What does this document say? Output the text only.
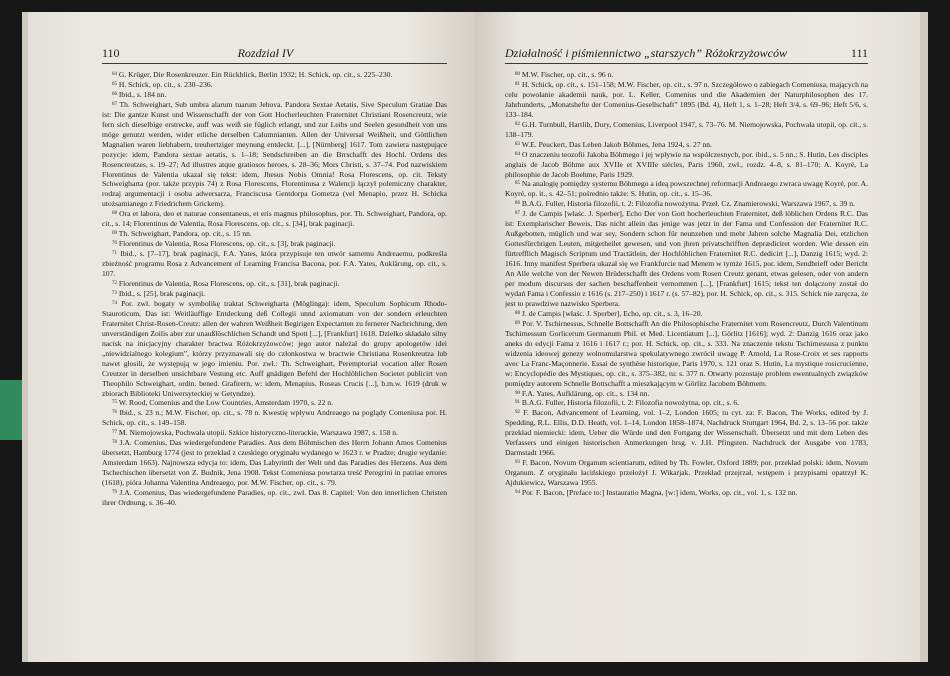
110	Rozdział IV

$^{64}$ G. Krüger, Die Rosenkreuzer. Ein Rückblick, Berlin 1932; H. Schick, op. cit., s. 225–230.

$^{65}$ H. Schick, op. cit., s. 230–236.

$^{66}$ Ibid., s. 184 nn.

$^{67}$ Th. Schweighart, Sub umbra alarum tuarum Jehova. Pandora Sextae Aetatis, Sive Speculum Gratiae Das ist: Die gantze Kunst und Wissenschafft der von Gott Hocherleuchten Fraternitet Christiani Rosencreutz, wie fern sich dieselbige erstrecke, auff was weiß sie füglich erlangt, und zur Leibs und Seelen gesundheit von uns möge genutzt werden, wider etliche derselben Calumnianten. Allen der Universal Weißheit, und Göttlichen Magnalien waren liebhabern, treuhertziger meynung entdeckt. [...], [Nürnberg] 1617. Tom zawiera następujące pozycje: idem, Pandora sextae aetatis, s. 1–18; Sendschreiben an die Brrschafft des Hochl. Ordens des Rosencreutzes, s. 19–27; Ad illustres atque gratiosos heroes, s. 28–36; Mors Christi, s. 37–74. Pod nazwiskiem Florentinus de Valentia ukazał się tekst: idem, Jhesus Nobis Omnia! Rosa Florescens, op. cit. Teksty Schweigharta (por. także przypis 74) z Rosa Florescens, Florentinusa z Walencji łączył polemiczny charakter, rodzaj argumentacji i osoba adwersarza, Franciscusa Gentdorpa Gometza (vel Menapio, przez H. Schicka utożsamianego z Friedrichem Grickem).

$^{68}$ Ora et labora, deo et naturae consentaneus, et eris magnus philosophus, por. Th. Schweighart, Pandora, op. cit., s. 14; Florentinus de Valentia, Rosa Florescens, op. cit., s. [34], brak paginacji.

$^{69}$ Th. Schweighart, Pandora, op. cit., s. 15 nn.

$^{70}$ Florentinus de Valentia, Rosa Florescens, op. cit., s. [3], brak paginacji.

$^{71}$ Ibid., s. [7–17], brak paginacji, F.A. Yates, która przypisuje ten utwór samemu Andreaemu, podkreśla zbieżność programu Rosa z Advancement of Learning Francisa Bacona, por. F.A. Yates, Auklärung, op. cit., s. 107.

$^{72}$ Florentinus de Valentia, Rosa Florescens, op. cit., s. [31], brak paginacji.

$^{73}$ Ibid., s. [25], brak paginacji.

$^{74}$ Por. zwł. bogaty w symbolikę traktat Schweigharta (Möglinga): idem, Speculum Sophicum Rhodo-Stauroticum, Das ist: Weitläuffige Entdeckung deß Collegii unnd axiomatum von der sondern erleuchten Fraternitet Christ-Rosen-Creutz: allen der wahren Weißheit Begirigen Expectanten zu fernerer Nachrichtung, den unverständigen Zoilis aber zur unaußlöschlichen Schandt und Spott [...], [Frankfurt] 1618. Dziełko składało silny nacisk na inicjacyjny charakter bractwa Różokrzyżowców; jego autor należał do grupy apologetów idei „niewidzialnego kolegium”, którzy przyznawali się do członkostwa w bractwie Christiana Rosenkreutza lub nawet głosili, że występują w jego imieniu. Por. zwł.: Th. Schweighart, Peremptorial vocation aller Rosen Creutzer in derselben unsichtbare Vestung etc. Auff gnädigen Befehl der Hochlöblichen Societet publicirt von Theophilo Schweighart, ordin. bened. Grafirern, w: idem, Menapius. Roseas Crucis [...], b.m.w. 1619 (druk w zbiorach Biblioteki Uniwersyteckiej w Getyndze).

$^{75}$ W. Rood, Comenius and the Low Countries, Amsterdam 1970, s. 22 n.

$^{76}$ Ibid., s. 23 n.; M.W. Fischer, op. cit., s. 78 n. Kwestię wpływu Andreaego na poglądy Comeniusa por. H. Schick, op. cit., s. 149–158.

$^{77}$ M. Niemojowska, Pochwała utopii. Szkice historyczno-literackie, Warszawa 1987, s. 158 n.

$^{78}$ J.A. Comenius, Das wiedergefundene Paradies. Aus dem Böhmischen des Herrn Johann Amos Comenius übersetzt, Hamburg 1774 (jest to przekład z czeskiego oryginału wydanego w 1623 r. w Pradze; drugie wydanie: Amsterdam 1663). Najnowsza edycja to: idem, Das Labyrinth der Welt und das Paradies des Herzens. Aus dem Tschechischen übersetzt von Z. Budnik, Jena 1908. Tekst Comeniusa powtarza treść Peregrini in patriae errores (1618), pióra Johanna Valentina Andreaego, por. M.W. Fischer, op. cit., s. 79.

$^{79}$ J.A. Comenius, Das wiedergefundene Paradies, op. cit., zwł. Das 8. Capitel: Von den innerlichen Christen ihrer Ordnung, s. 36–40.

Działalność i piśmiennictwo „starszych” Różokrzyżowców	111

$^{80}$ M.W. Fischer, op. cit., s. 96 n.

$^{81}$ H. Schick, op. cit., s. 151–158; M.W. Fischer, op. cit., s. 97 n. Szczegółowo o zabiegach Comeniusa, mających na celu powołanie akademii nauk, por. L. Keller, Comenius und die Akademien der Naturphilosophen des 17. Jahrhunderts, „Monatshefte der Comenius-Gesellschaft” 1895 (Bd. 4), Heft 1, s. 1–28; Heft 3/4, s. 69–96; Heft 5/6, s. 133–184.

$^{82}$ G.H. Turnbull, Hartlib, Dury, Comenius, Liverpool 1947, s. 73–76. M. Niemojowska, Pochwała utopii, op. cit., s. 138–179.

$^{83}$ W.E. Peuckert, Das Leben Jakob Böhmes, Jena 1924, s. 27 nn.

$^{84}$ O znaczeniu teozofii Jakoba Böhmego i jej wpływie na współczesnych, por. ibid., s. 5 nn.; S. Hutin, Les disciples anglais de Jacob Böhme aux XVIIe et XVIIIe siècles, Paris 1960, zwł., rozdz. 4–8, s. 81–170; A. Koyré, La philosophie de Jacob Boehme, Paris 1929.

$^{85}$ Na analogię pomiędzy systemu Böhmego a ideą powszechnej reformacji Andreaego zwraca uwagę Koyré, por. A. Koyré, op. it., s. 42–51; pośrednio także: S. Hutin, op. cit., s. 15–36.

$^{86}$ B.A.G. Fuller, Historia filozofii, t. 2: Filozofia nowożytna. Przeł. Cz. Znamierowski, Warszawa 1967, s. 39 n.

$^{87}$ J. de Campis [właśc. J. Sperber], Echo Der von Gott hocherleuchten Fraternitet, deß löblichen Ordens R.C. Das ist: Exemplarischer Beweis, Das nicht allein das jenige was jetzt in der Fama und Confession der Fraternitet R.C. Außgebotten, müglich und war sey, Sondern schon für neunzehen und mehr Jahren solche Magnalia Dei, etzlichen Gottesfürchtigen Leuten, mitgetheilet gewesen, und von jhren privatschrifften deprædiciret worden. Wie dessen ein fürtrefflich Magisch Scriptum und Tractätlein, der Hochlöblichen Fraternitet R.C. dedicirt [...], Danzig 1615; wyd. 2: 1616. Inny manifest Sperbera ukazał się we Frankfurcie nad Menem w tymże 1615, por. idem, Sendbrieff oder Bericht An Alle welche von der Newen Brüderschafft des Ordens vom Rosen Creutz genant, etwas gelesen, oder von andern per modum discursus der sachen beschaffenheit vernommen [...], [Frankfurt] 1615; tekst ten dołączony został do wydań Fama i Confessio z 1616 (s. 217–250) i 1617 r. (s. 57–82), por. H. Schick, op. cit., s. 315. Schick nie zaręcza, że jest to prawdziwe nazwisko Sperbera.

$^{88}$ J. de Campis [właśc. J. Sperber], Echo, op. cit., s. 3, 16–20.

$^{89}$ Por. V. Tschirnessus, Schnelle Bottschafft An die Philosophische Fraternitet vom Rosencreutz, Durch Valentinum Tschirnessum Gorlicerum Germanum Phil. et Med. Licentiatum [...], Görlitz [1616]; wyd. 2: Danzig 1616 oraz jako aneks do edycji Fama z 1616 i 1617 r.; por. H. Schick, op. cit., s. 333. Na znaczenie tekstu Tschirnessusa z punktu widzenia ideowej genezy wolnomularstwa spekulatywnego zwrócił uwagę P. Arnold, La Rose-Croix et ses rapports avec La Franc-Maçonnerie. Essai de synthèse historique, Paris 1970, s. 121 oraz S. Hutin, La mystique rosicrucienne, w: Encyclopédie des Mystiques, op. cit., s. 375–382, tu: s. 377 n. Otwarty pozostaje problem ewentualnych związków pomiędzy autorem Schnelle Bottschafft a mieszkającym w Görlitz Jacobem Böhmem.

$^{90}$ F.A. Yates, Aufklärung, op. cit., s. 134 nn.

$^{91}$ B.A.G. Fuller, Historia filozofii, t. 2: Filozofia nowożytna, op. cit., s. 6.

$^{92}$ F. Bacon, Advancement of Learning, vol. 1–2, London 1605; tu cyt. za: F. Bacon, The Works, edited by J. Spedding, R.L. Ellis, D.D. Heath, vol. 1–14, London 1858–1874, Nachdruck Stuttgart 1964, Bd. 2, s. 13–56 por. także przekład niemiecki: idem, Ueber die Würde und den Fortgang der Wissenschaft. Übersetzt und mit dem Leben des Verfassers und einigen historischen Anmerkungen hrsg. v. J.H. Pfingsten. Nachdruck der Ausgabe von 1783, Darmstadt 1966.

$^{93}$ F. Bacon, Novum Organum scientiarum, edited by Th. Fowler, Oxford 1889; por. przekład polski: idem, Novum Organum. Z oryginału łacińskiego przełożył J. Wikarjak. Przekład przejrzał, wstępem i przypisami opatrzył K. Ajdukiewicz, Warszawa 1955.

$^{94}$ Por. F. Bacon, [Preface to:] Instauratio Magna, [w:] idem, Works, op. cit., vol. 1, s. 132 nn.
